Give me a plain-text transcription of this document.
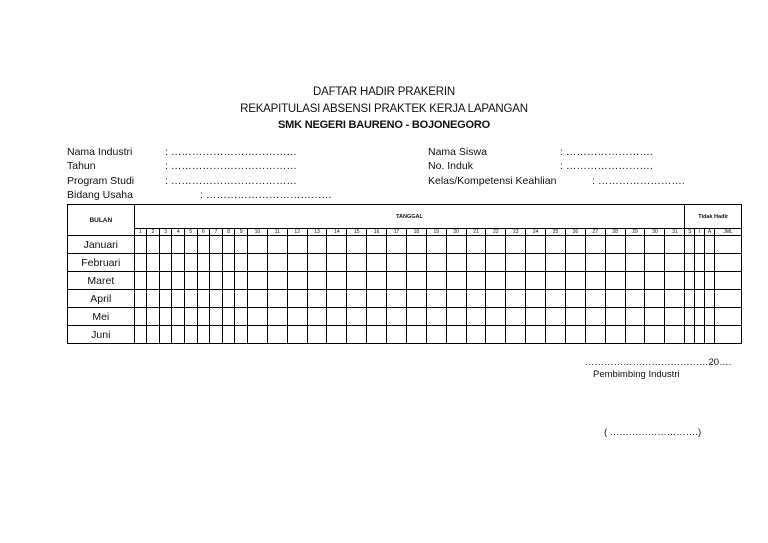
DAFTAR HADIR PRAKERIN
REKAPITULASI ABSENSI PRAKTEK KERJA LAPANGAN
SMK NEGERI BAURENO - BOJONEGORO
Nama Industri	: ………………………………
Tahun	: ………………………………
Program Studi	: ………………………………
Bidang Usaha	: ………………………………
Nama Siswa	: …………………….
No. Induk	: …………………….
Kelas/Kompetensi Keahlian	: …………………….
BULAN	TANGGAL																															Tidak Hadir			
	1	2	3	4	5	6	7	8	9	10	11	12	13	14	15	16	17	18	19	20	21	22	23	24	25	26	27	28	29	30	31	S	I	A	JML
Januari																																			
Februari																																			
Maret																																			
April																																			
Mei																																			
Juni																																			
…………………………………20….
Pembimbing Industri
( ……………………….)
